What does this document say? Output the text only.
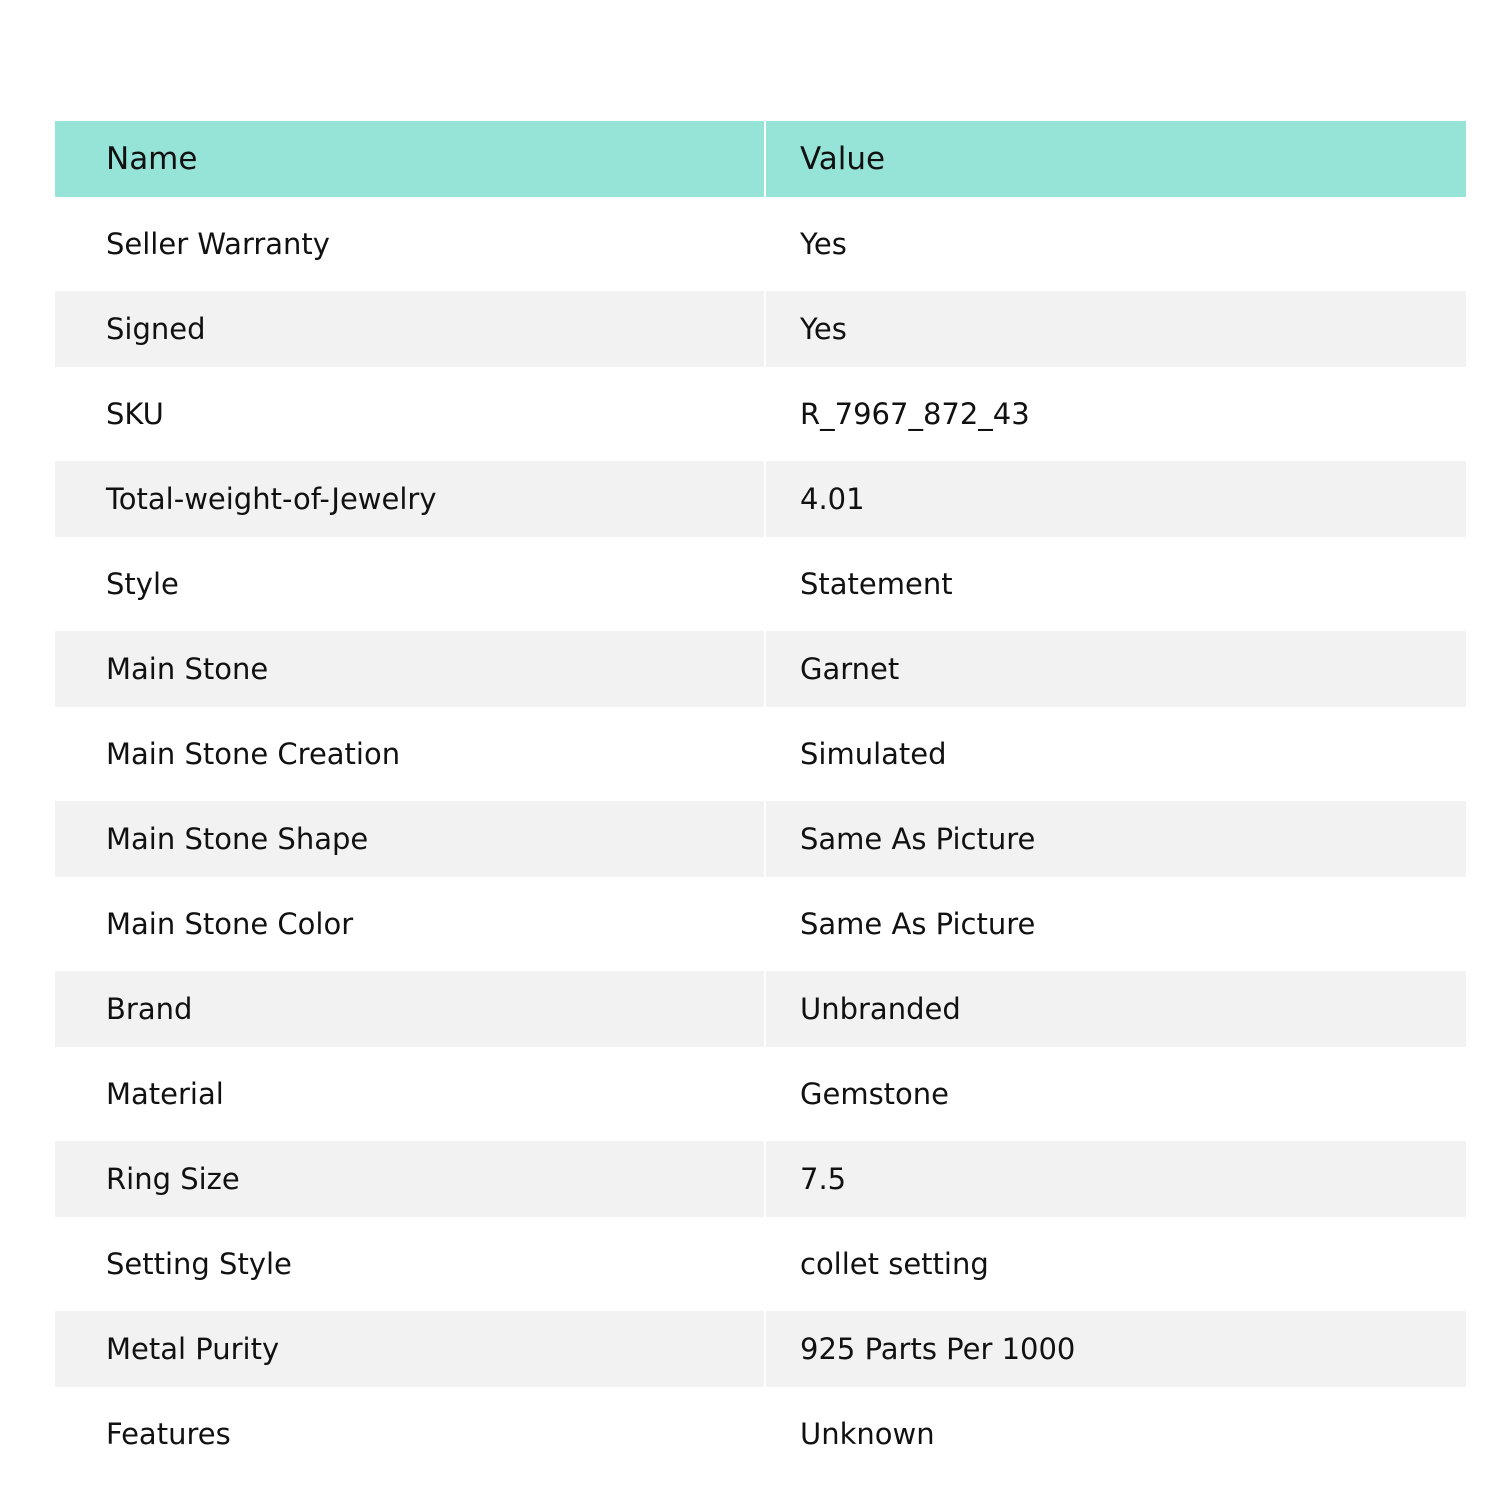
Name	Value
Seller Warranty	Yes
Signed	Yes
SKU	R_7967_872_43
Total-weight-of-Jewelry	4.01
Style	Statement
Main Stone	Garnet
Main Stone Creation	Simulated
Main Stone Shape	Same As Picture
Main Stone Color	Same As Picture
Brand	Unbranded
Material	Gemstone
Ring Size	7.5
Setting Style	collet setting
Metal Purity	925 Parts Per 1000
Features	Unknown
